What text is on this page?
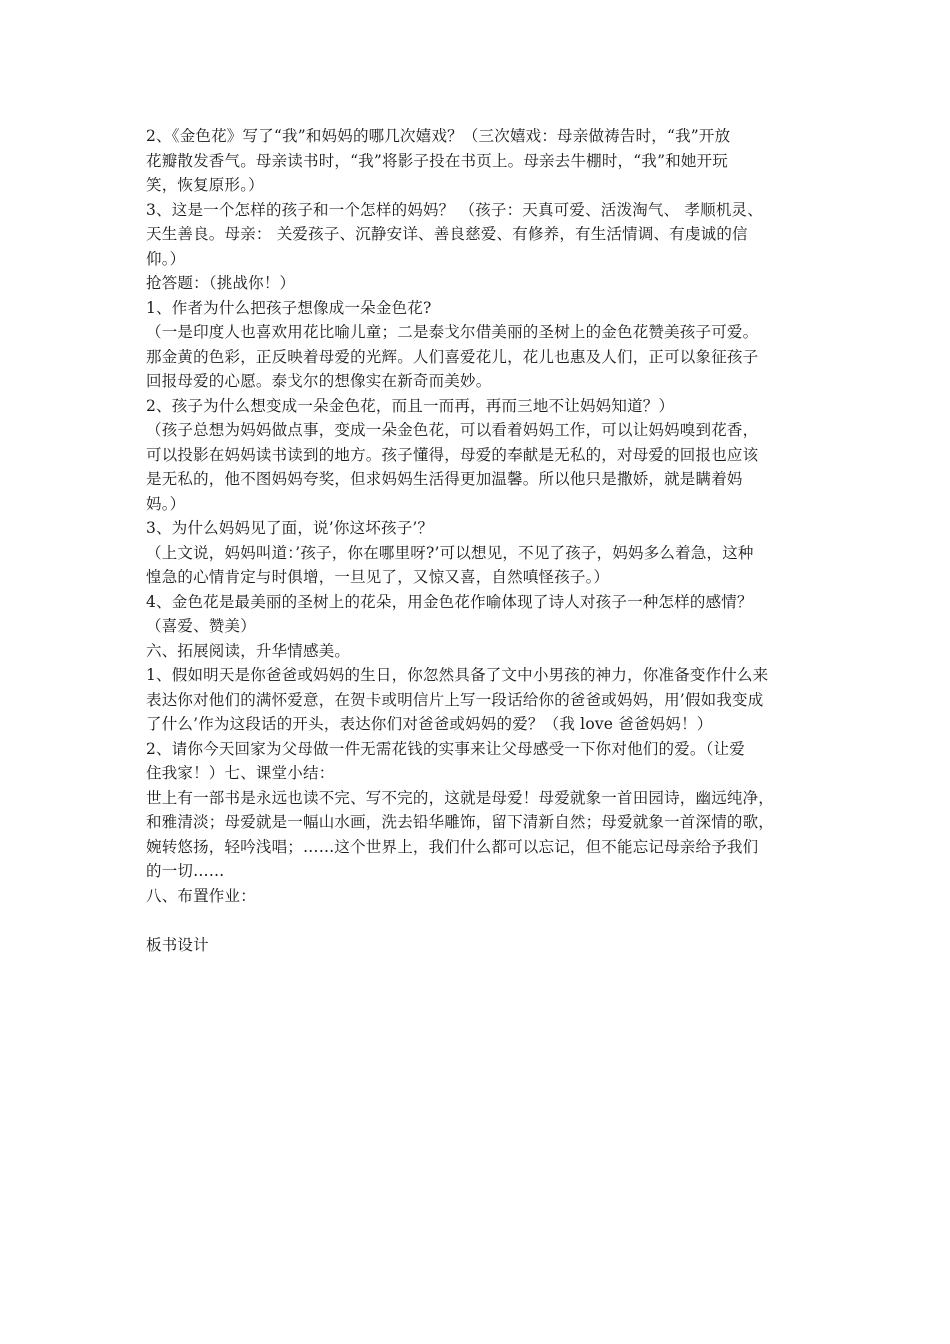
2、《金色花》写了“我”和妈妈的哪几次嬉戏？（三次嬉戏：母亲做祷告时，“我”开放
花瓣散发香气。母亲读书时，“我”将影子投在书页上。母亲去牛棚时，“我”和她开玩
笑，恢复原形。）
3、这是一个怎样的孩子和一个怎样的妈妈？ （孩子：天真可爱、活泼淘气、 孝顺机灵、
天生善良。母亲： 关爱孩子、沉静安详、善良慈爱、有修养，有生活情调、有虔诚的信
仰。）
抢答题：（挑战你！）
1、作者为什么把孩子想像成一朵金色花?
（一是印度人也喜欢用花比喻儿童；二是泰戈尔借美丽的圣树上的金色花赞美孩子可爱。
那金黄的色彩，正反映着母爱的光辉。人们喜爱花儿，花儿也惠及人们，正可以象征孩子
回报母爱的心愿。泰戈尔的想像实在新奇而美妙。
2、孩子为什么想变成一朵金色花，而且一而再，再而三地不让妈妈知道？）
（孩子总想为妈妈做点事，变成一朵金色花，可以看着妈妈工作，可以让妈妈嗅到花香，
可以投影在妈妈读书读到的地方。孩子懂得，母爱的奉献是无私的，对母爱的回报也应该
是无私的，他不图妈妈夸奖，但求妈妈生活得更加温馨。所以他只是撒娇，就是瞒着妈
妈。）
3、为什么妈妈见了面，说’你这坏孩子’？
（上文说，妈妈叫道：’孩子，你在哪里呀?’可以想见，不见了孩子，妈妈多么着急，这种
惶急的心情肯定与时俱增，一旦见了，又惊又喜，自然嗔怪孩子。）
4、金色花是最美丽的圣树上的花朵，用金色花作喻体现了诗人对孩子一种怎样的感情？
（喜爱、赞美）
六、拓展阅读，升华情感美。
1、假如明天是你爸爸或妈妈的生日，你忽然具备了文中小男孩的神力，你准备变作什么来
表达你对他们的满怀爱意，在贺卡或明信片上写一段话给你的爸爸或妈妈，用’假如我变成
了什么’作为这段话的开头，表达你们对爸爸或妈妈的爱？（我 love 爸爸妈妈！）
2、请你今天回家为父母做一件无需花钱的实事来让父母感受一下你对他们的爱。（让爱
住我家！）七、课堂小结：
世上有一部书是永远也读不完、写不完的，这就是母爱！母爱就象一首田园诗，幽远纯净，
和雅清淡；母爱就是一幅山水画，洗去铅华雕饰，留下清新自然；母爱就象一首深情的歌，
婉转悠扬，轻吟浅唱；……这个世界上，我们什么都可以忘记，但不能忘记母亲给予我们
的一切……
八、布置作业：
板书设计
